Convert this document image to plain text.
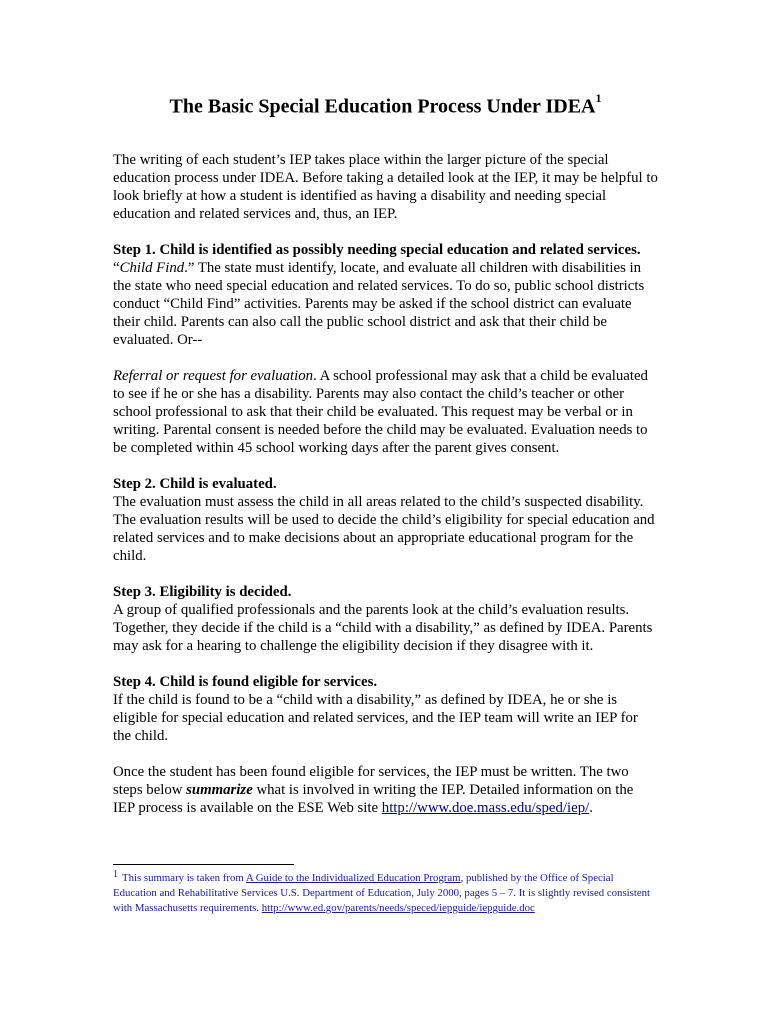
The Basic Special Education Process Under IDEA$^1$

The writing of each student’s IEP takes place within the larger picture of the special education process under IDEA. Before taking a detailed look at the IEP, it may be helpful to look briefly at how a student is identified as having a disability and needing special education and related services and, thus, an IEP.

Step 1. Child is identified as possibly needing special education and related services.
“Child Find.” The state must identify, locate, and evaluate all children with disabilities in the state who need special education and related services. To do so, public school districts conduct “Child Find” activities. Parents may be asked if the school district can evaluate their child. Parents can also call the public school district and ask that their child be evaluated. Or--

Referral or request for evaluation. A school professional may ask that a child be evaluated to see if he or she has a disability. Parents may also contact the child’s teacher or other school professional to ask that their child be evaluated. This request may be verbal or in writing. Parental consent is needed before the child may be evaluated. Evaluation needs to be completed within 45 school working days after the parent gives consent.

Step 2. Child is evaluated.
The evaluation must assess the child in all areas related to the child’s suspected disability. The evaluation results will be used to decide the child’s eligibility for special education and related services and to make decisions about an appropriate educational program for the child.

Step 3. Eligibility is decided.
A group of qualified professionals and the parents look at the child’s evaluation results. Together, they decide if the child is a “child with a disability,” as defined by IDEA. Parents may ask for a hearing to challenge the eligibility decision if they disagree with it.

Step 4. Child is found eligible for services.
If the child is found to be a “child with a disability,” as defined by IDEA, he or she is eligible for special education and related services, and the IEP team will write an IEP for the child.

Once the student has been found eligible for services, the IEP must be written. The two steps below summarize what is involved in writing the IEP. Detailed information on the IEP process is available on the ESE Web site http://www.doe.mass.edu/sped/iep/.

1 This summary is taken from A Guide to the Individualized Education Program, published by the Office of Special Education and Rehabilitative Services U.S. Department of Education, July 2000, pages 5 – 7. It is slightly revised consistent with Massachusetts requirements. http://www.ed.gov/parents/needs/speced/iepguide/iepguide.doc
